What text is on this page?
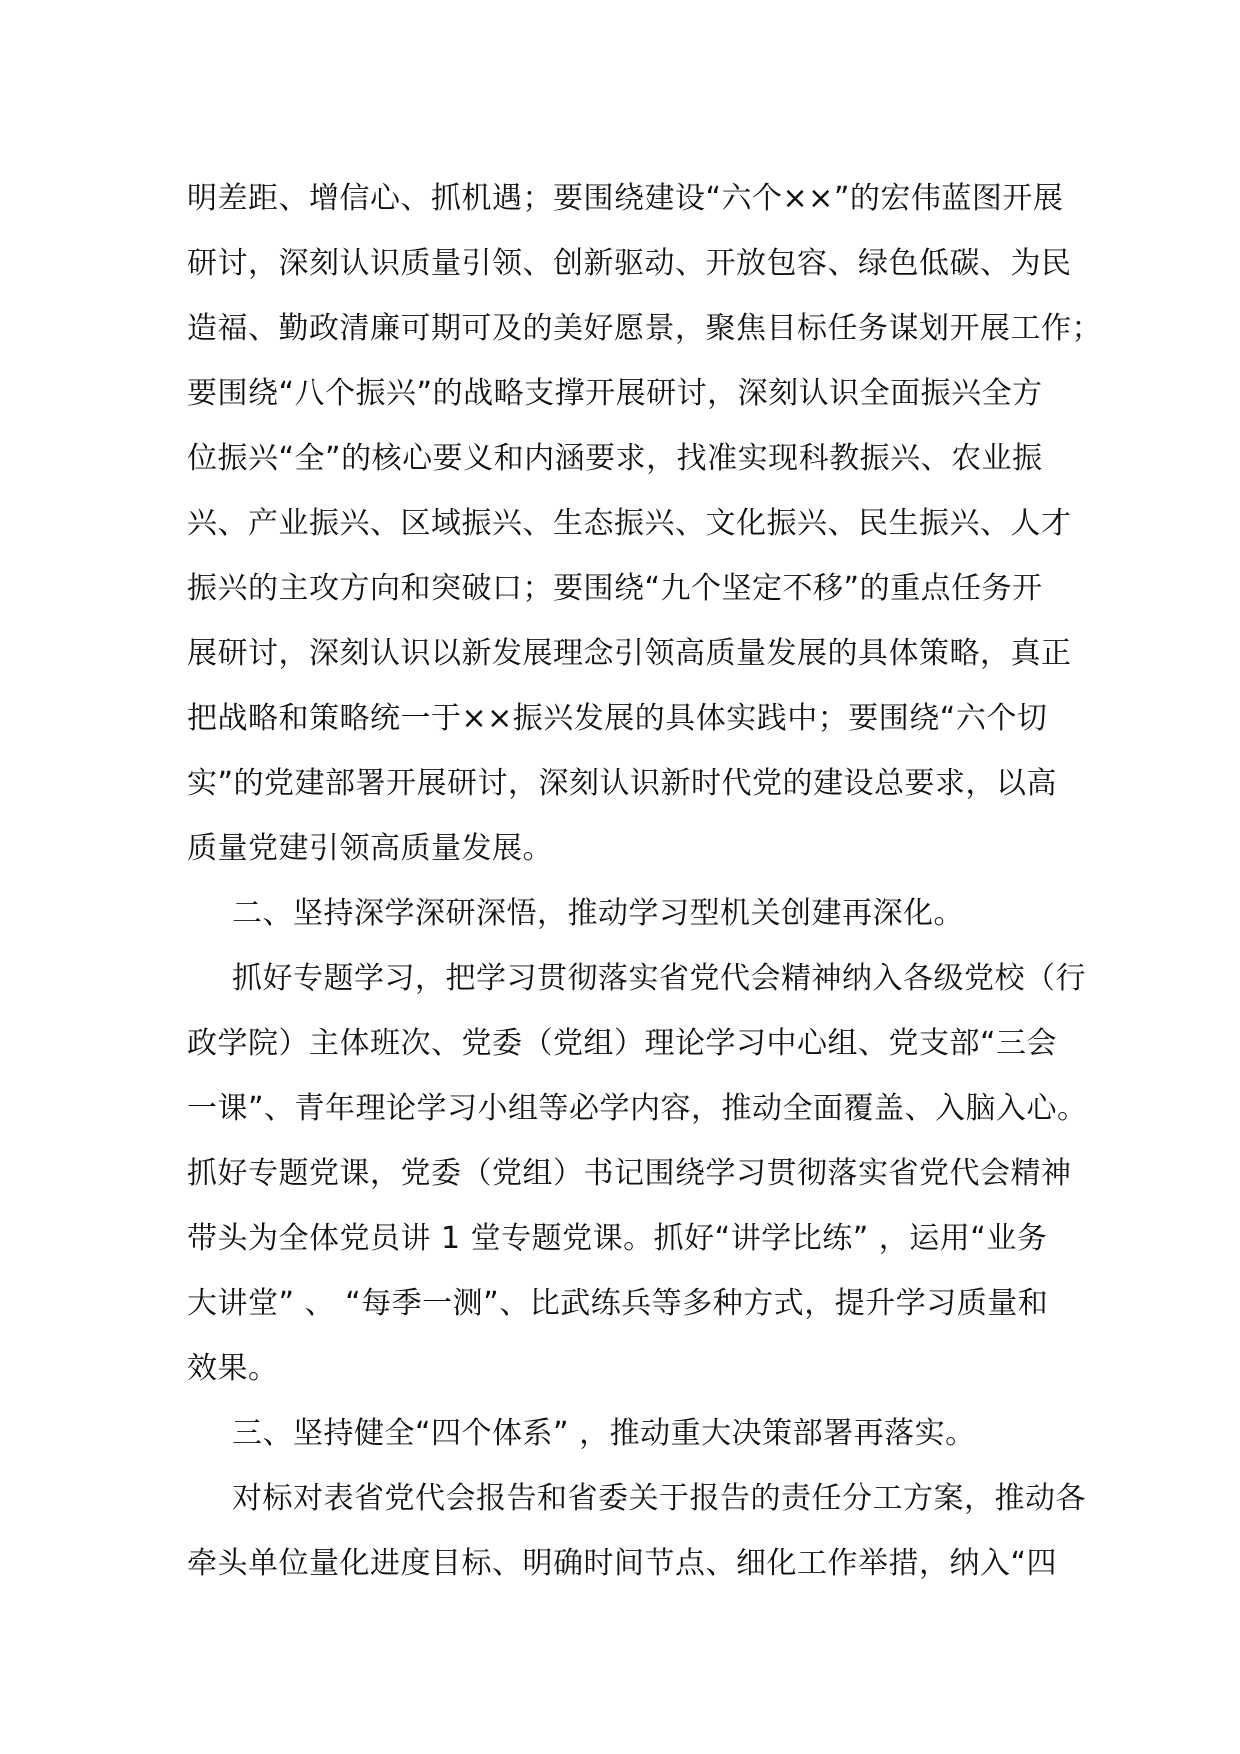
明差距、增信心、抓机遇；要围绕建设“六个××”的宏伟蓝图开展
研讨，深刻认识质量引领、创新驱动、开放包容、绿色低碳、为民
造福、勤政清廉可期可及的美好愿景，聚焦目标任务谋划开展工作；
要围绕“八个振兴”的战略支撑开展研讨，深刻认识全面振兴全方
位振兴“全”的核心要义和内涵要求，找准实现科教振兴、农业振
兴、产业振兴、区域振兴、生态振兴、文化振兴、民生振兴、人才
振兴的主攻方向和突破口；要围绕“九个坚定不移”的重点任务开
展研讨，深刻认识以新发展理念引领高质量发展的具体策略，真正
把战略和策略统一于××振兴发展的具体实践中；要围绕“六个切
实”的党建部署开展研讨，深刻认识新时代党的建设总要求，以高
质量党建引领高质量发展。
二、坚持深学深研深悟，推动学习型机关创建再深化。
抓好专题学习，把学习贯彻落实省党代会精神纳入各级党校（行
政学院）主体班次、党委（党组）理论学习中心组、党支部“三会
一课”、青年理论学习小组等必学内容，推动全面覆盖、入脑入心。
抓好专题党课，党委（党组）书记围绕学习贯彻落实省党代会精神
带头为全体党员讲 1 堂专题党课。抓好“讲学比练” ，运用“业务
大讲堂” 、 “每季一测”、比武练兵等多种方式，提升学习质量和
效果。
三、坚持健全“四个体系” ，推动重大决策部署再落实。
对标对表省党代会报告和省委关于报告的责任分工方案，推动各
牵头单位量化进度目标、明确时间节点、细化工作举措，纳入“四
